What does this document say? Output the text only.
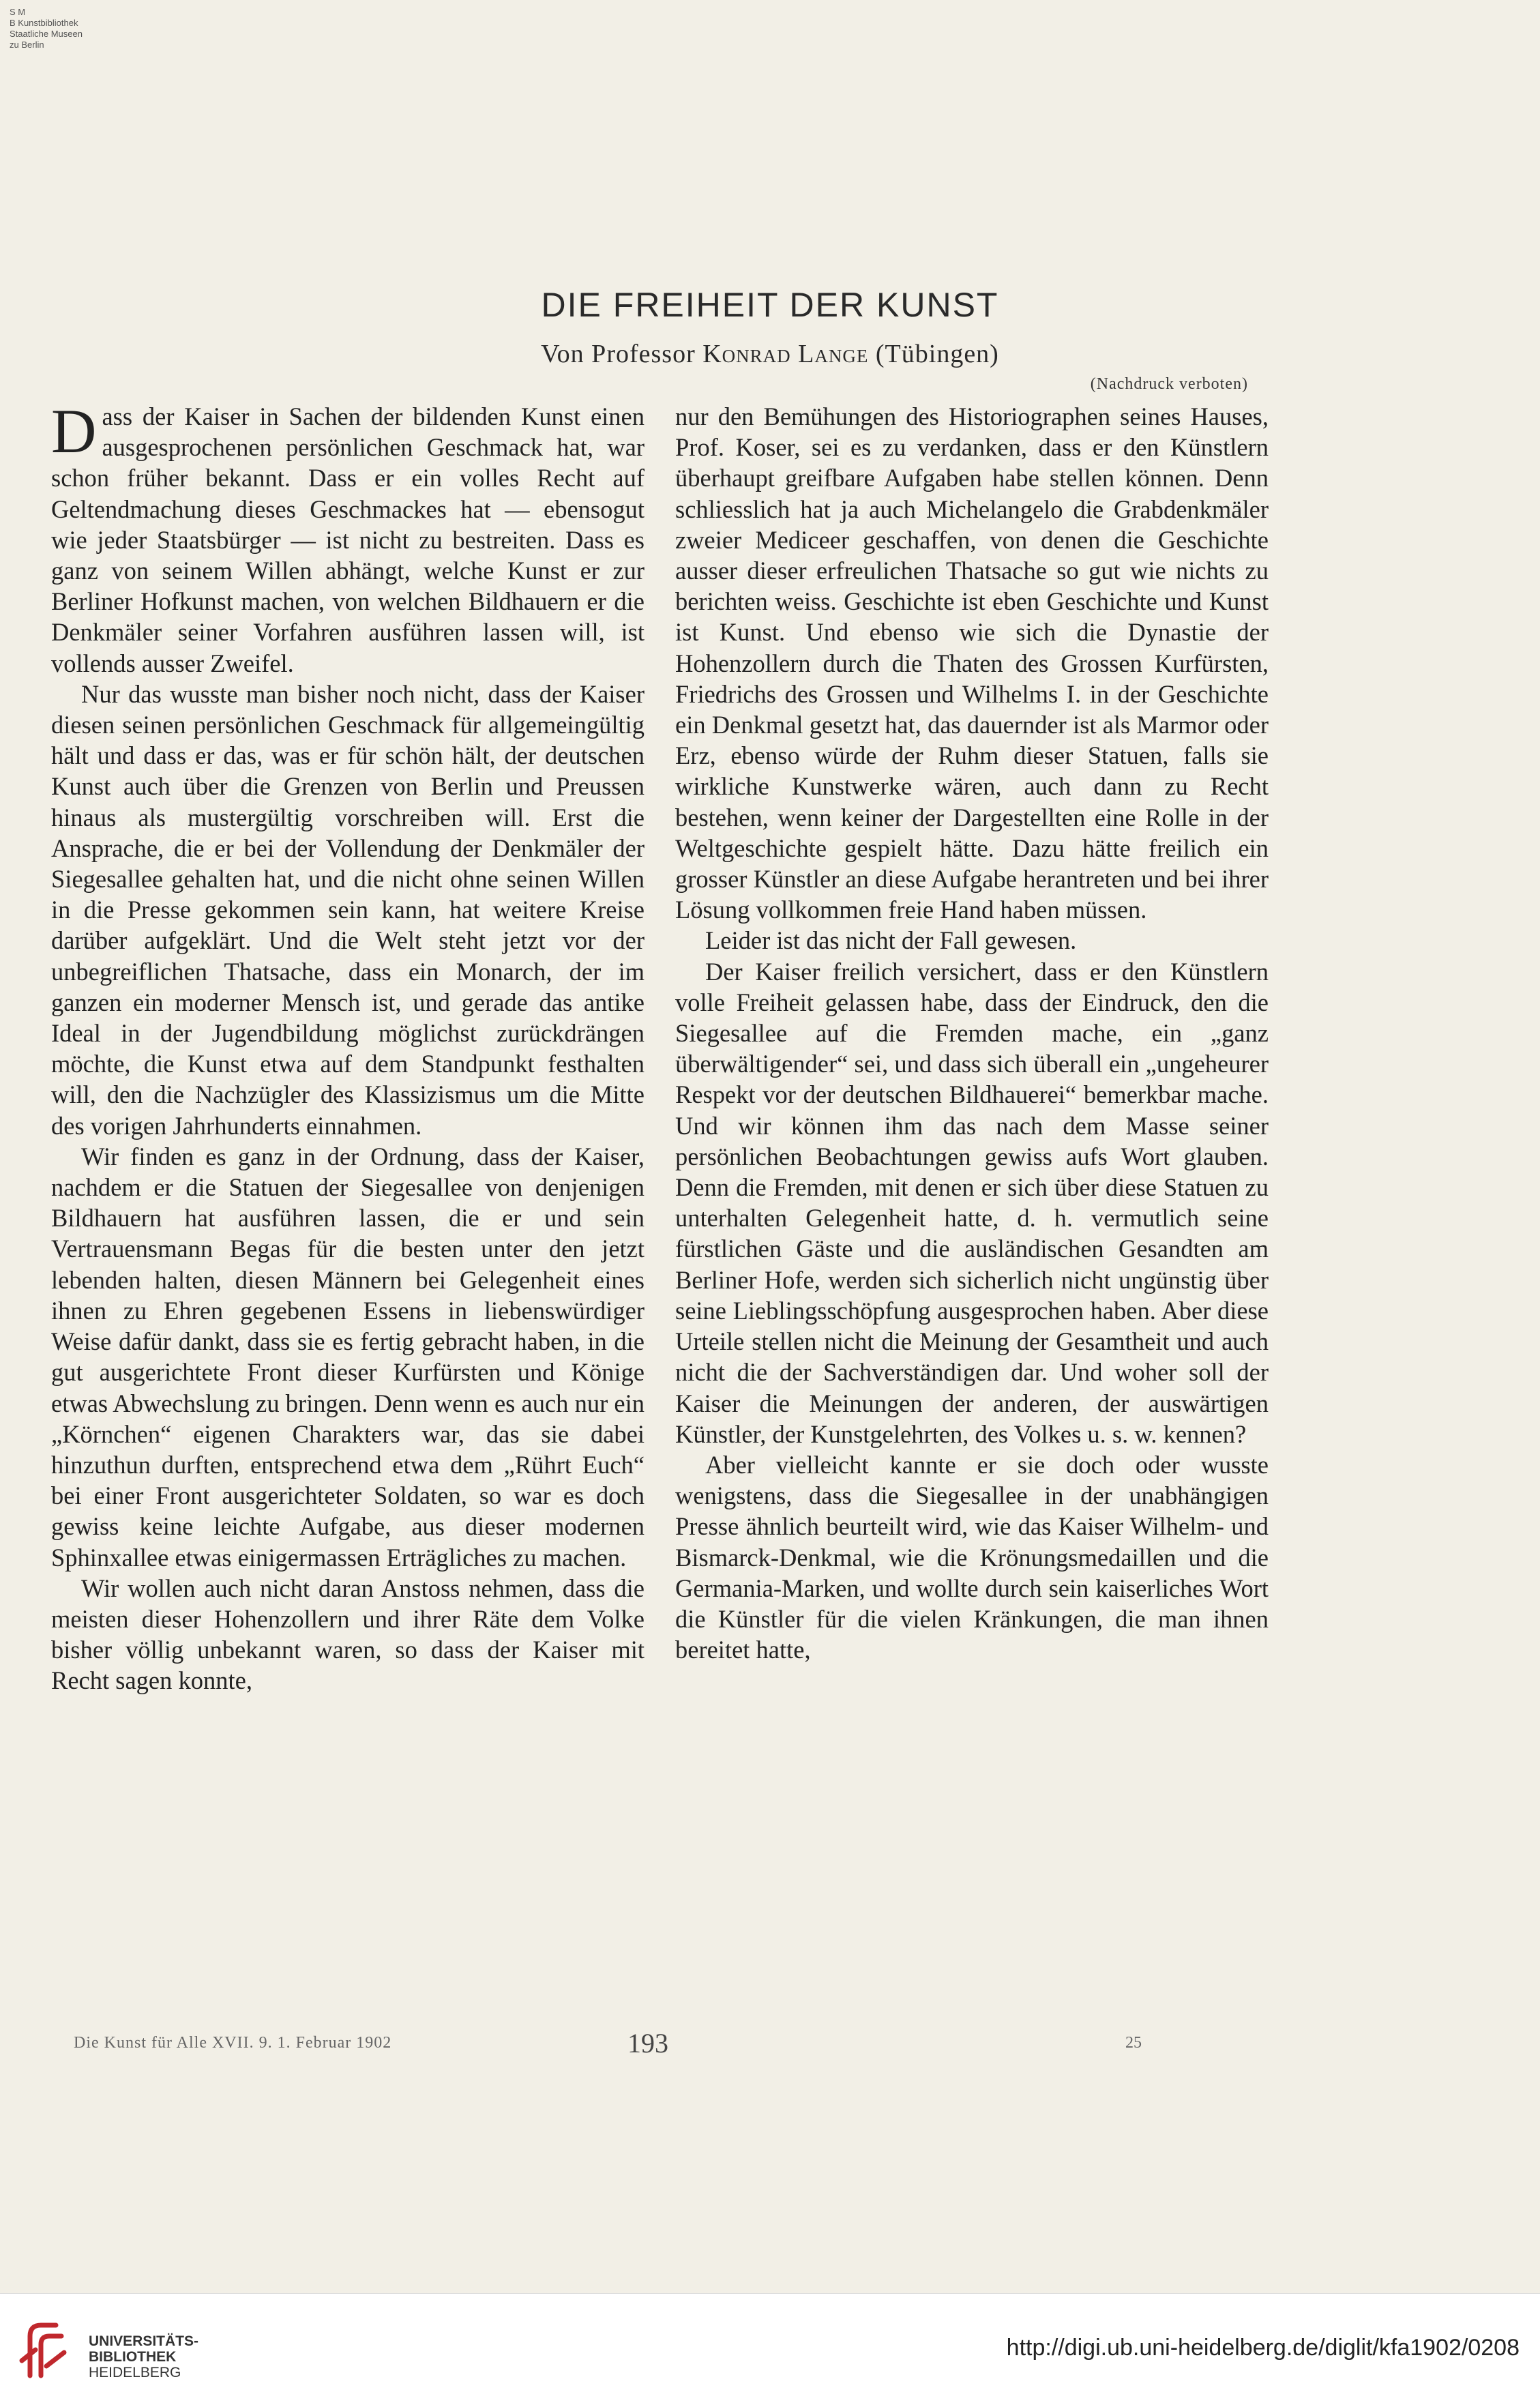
S M
B Kunstbibliothek
Staatliche Museen
zu Berlin
DIE FREIHEIT DER KUNST
Von Professor Konrad Lange (Tübingen)
(Nachdruck verboten)

Dass der Kaiser in Sachen der bildenden Kunst einen ausgesprochenen persönlichen Geschmack hat, war schon früher bekannt. Dass er ein volles Recht auf Geltendmachung dieses Geschmackes hat — ebensogut wie jeder Staatsbürger — ist nicht zu bestreiten. Dass es ganz von seinem Willen abhängt, welche Kunst er zur Berliner Hofkunst machen, von welchen Bildhauern er die Denkmäler seiner Vorfahren ausführen lassen will, ist vollends ausser Zweifel.

Nur das wusste man bisher noch nicht, dass der Kaiser diesen seinen persönlichen Geschmack für allgemeingültig hält und dass er das, was er für schön hält, der deutschen Kunst auch über die Grenzen von Berlin und Preussen hinaus als mustergültig vorschreiben will. Erst die Ansprache, die er bei der Vollendung der Denkmäler der Siegesallee gehalten hat, und die nicht ohne seinen Willen in die Presse gekommen sein kann, hat weitere Kreise darüber aufgeklärt. Und die Welt steht jetzt vor der unbegreiflichen Thatsache, dass ein Monarch, der im ganzen ein moderner Mensch ist, und gerade das antike Ideal in der Jugendbildung möglichst zurückdrängen möchte, die Kunst etwa auf dem Standpunkt festhalten will, den die Nachzügler des Klassizismus um die Mitte des vorigen Jahrhunderts einnahmen.

Wir finden es ganz in der Ordnung, dass der Kaiser, nachdem er die Statuen der Siegesallee von denjenigen Bildhauern hat ausführen lassen, die er und sein Vertrauensmann Begas für die besten unter den jetzt lebenden halten, diesen Männern bei Gelegenheit eines ihnen zu Ehren gegebenen Essens in liebenswürdiger Weise dafür dankt, dass sie es fertig gebracht haben, in die gut ausgerichtete Front dieser Kurfürsten und Könige etwas Abwechslung zu bringen. Denn wenn es auch nur ein „Körnchen“ eigenen Charakters war, das sie dabei hinzuthun durften, entsprechend etwa dem „Rührt Euch“ bei einer Front ausgerichteter Soldaten, so war es doch gewiss keine leichte Aufgabe, aus dieser modernen Sphinxallee etwas einigermassen Erträgliches zu machen.

Wir wollen auch nicht daran Anstoss nehmen, dass die meisten dieser Hohenzollern und ihrer Räte dem Volke bisher völlig unbekannt waren, so dass der Kaiser mit Recht sagen konnte,

nur den Bemühungen des Historiographen seines Hauses, Prof. Koser, sei es zu verdanken, dass er den Künstlern überhaupt greifbare Aufgaben habe stellen können. Denn schliesslich hat ja auch Michelangelo die Grabdenkmäler zweier Mediceer geschaffen, von denen die Geschichte ausser dieser erfreulichen Thatsache so gut wie nichts zu berichten weiss. Geschichte ist eben Geschichte und Kunst ist Kunst. Und ebenso wie sich die Dynastie der Hohenzollern durch die Thaten des Grossen Kurfürsten, Friedrichs des Grossen und Wilhelms I. in der Geschichte ein Denkmal gesetzt hat, das dauernder ist als Marmor oder Erz, ebenso würde der Ruhm dieser Statuen, falls sie wirkliche Kunstwerke wären, auch dann zu Recht bestehen, wenn keiner der Dargestellten eine Rolle in der Weltgeschichte gespielt hätte. Dazu hätte freilich ein grosser Künstler an diese Aufgabe herantreten und bei ihrer Lösung vollkommen freie Hand haben müssen.

Leider ist das nicht der Fall gewesen.

Der Kaiser freilich versichert, dass er den Künstlern volle Freiheit gelassen habe, dass der Eindruck, den die Siegesallee auf die Fremden mache, ein „ganz überwältigender“ sei, und dass sich überall ein „ungeheurer Respekt vor der deutschen Bildhauerei“ bemerkbar mache. Und wir können ihm das nach dem Masse seiner persönlichen Beobachtungen gewiss aufs Wort glauben. Denn die Fremden, mit denen er sich über diese Statuen zu unterhalten Gelegenheit hatte, d. h. vermutlich seine fürstlichen Gäste und die ausländischen Gesandten am Berliner Hofe, werden sich sicherlich nicht ungünstig über seine Lieblingsschöpfung ausgesprochen haben. Aber diese Urteile stellen nicht die Meinung der Gesamtheit und auch nicht die der Sachverständigen dar. Und woher soll der Kaiser die Meinungen der anderen, der auswärtigen Künstler, der Kunstgelehrten, des Volkes u. s. w. kennen?

Aber vielleicht kannte er sie doch oder wusste wenigstens, dass die Siegesallee in der unabhängigen Presse ähnlich beurteilt wird, wie das Kaiser Wilhelm- und Bismarck-Denkmal, wie die Krönungsmedaillen und die Germania-Marken, und wollte durch sein kaiserliches Wort die Künstler für die vielen Kränkungen, die man ihnen bereitet hatte,

Die Kunst für Alle XVII. 9. 1. Februar 1902	193	25
UNIVERSITÄTS-
BIBLIOTHEK
HEIDELBERG
http://digi.ub.uni-heidelberg.de/diglit/kfa1902/0208
